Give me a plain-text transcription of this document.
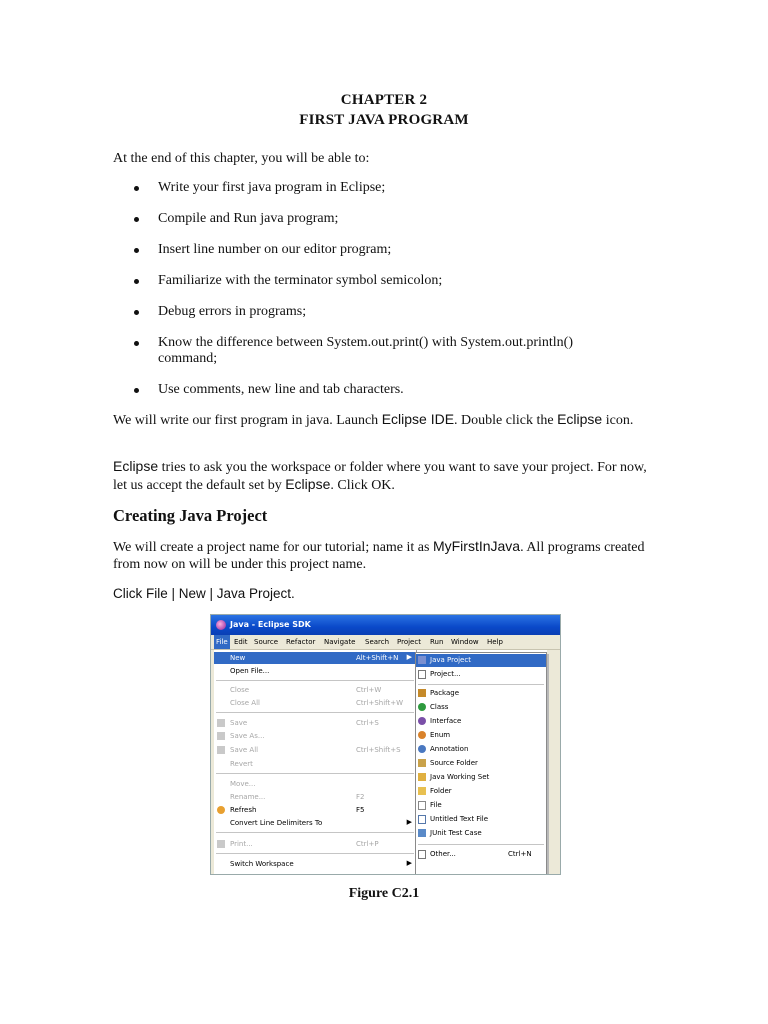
CHAPTER 2
FIRST JAVA PROGRAM

At the end of this chapter, you will be able to:

Write your first java program in Eclipse;
Compile and Run java program;
Insert line number on our editor program;
Familiarize with the terminator symbol semicolon;
Debug errors in programs;
Know the difference between System.out.print() with System.out.println() command;
Use comments, new line and tab characters.

We will write our first program in java. Launch Eclipse IDE. Double click the Eclipse icon.

Eclipse tries to ask you the workspace or folder where you want to save your project. For now, let us accept the default set by Eclipse. Click OK.

Creating Java Project

We will create a project name for our tutorial; name it as MyFirstInJava. All programs created from now on will be under this project name.

Click File | New | Java Project.

Java - Eclipse SDK
File Edit Source Refactor Navigate Search Project Run Window Help
New	Alt+Shift+N ▶
Open File...
Close	Ctrl+W
Close All	Ctrl+Shift+W
Save	Ctrl+S
Save As...
Save All	Ctrl+Shift+S
Revert
Move...
Rename...	F2
Refresh	F5
Convert Line Delimiters To	▶
Print...	Ctrl+P
Switch Workspace	▶
Java Project
Project...
Package
Class
Interface
Enum
Annotation
Source Folder
Java Working Set
Folder
File
Untitled Text File
JUnit Test Case
Other...	Ctrl+N
Figure C2.1
